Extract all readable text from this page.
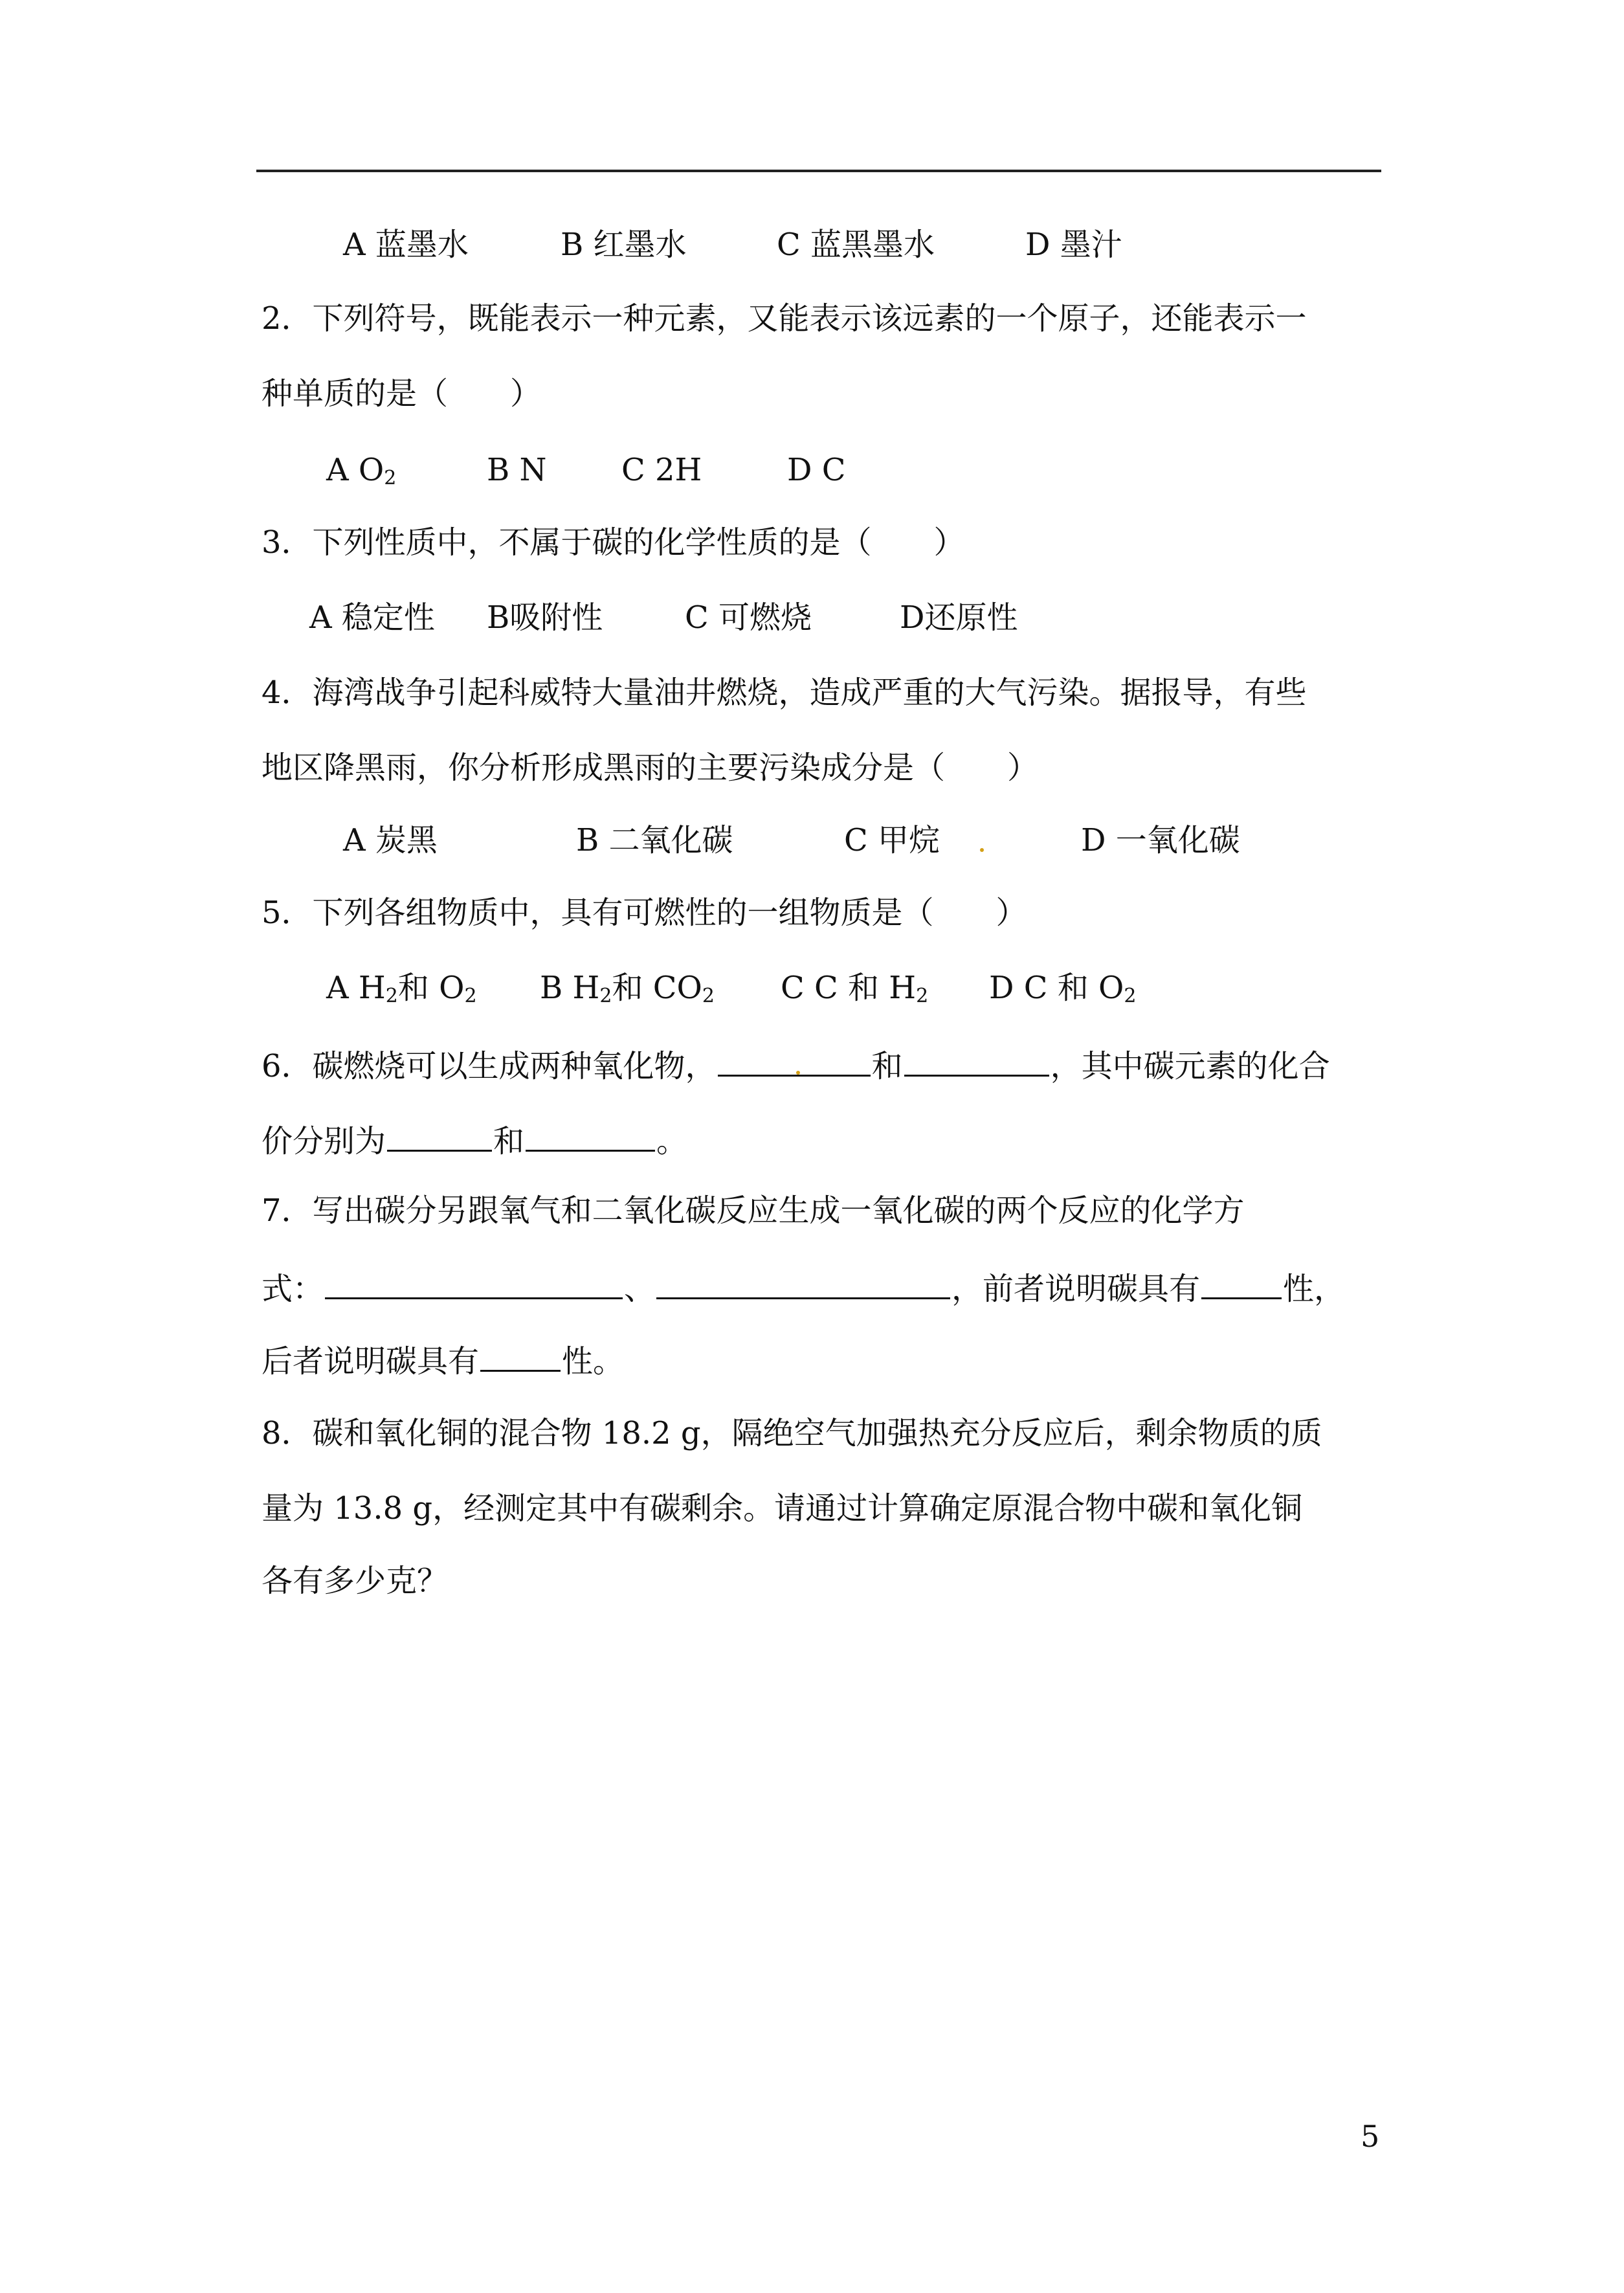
A 蓝墨水	B 红墨水	C 蓝黑墨水	D 墨汁
2．下列符号，既能表示一种元素，又能表示该远素的一个原子，还能表示一
种单质的是（　　）
A $O_2$	B N C 2H	D C
3．下列性质中，不属于碳的化学性质的是（　　）
A 稳定性 B吸附性	C 可燃烧	D还原性
4．海湾战争引起科威特大量油井燃烧，造成严重的大气污染。据报导，有些
地区降黑雨，你分析形成黑雨的主要污染成分是（　　）
A 炭黑	B 二氧化碳	C 甲烷	D 一氧化碳
5．下列各组物质中，具有可燃性的一组物质是（　　）
A $H_2$和 $O_2$ B $H_2$和 $CO_2$ C C 和 $H_2$ D C 和 $O_2$
6．碳燃烧可以生成两种氧化物，	和	，其中碳元素的化合
价分别为	和	。
7．写出碳分另跟氧气和二氧化碳反应生成一氧化碳的两个反应的化学方
式：	、	，前者说明碳具有	性，
后者说明碳具有	性。
8．碳和氧化铜的混合物 18.2 g，隔绝空气加强热充分反应后，剩余物质的质
量为 13.8 g，经测定其中有碳剩余。请通过计算确定原混合物中碳和氧化铜
各有多少克？
5
